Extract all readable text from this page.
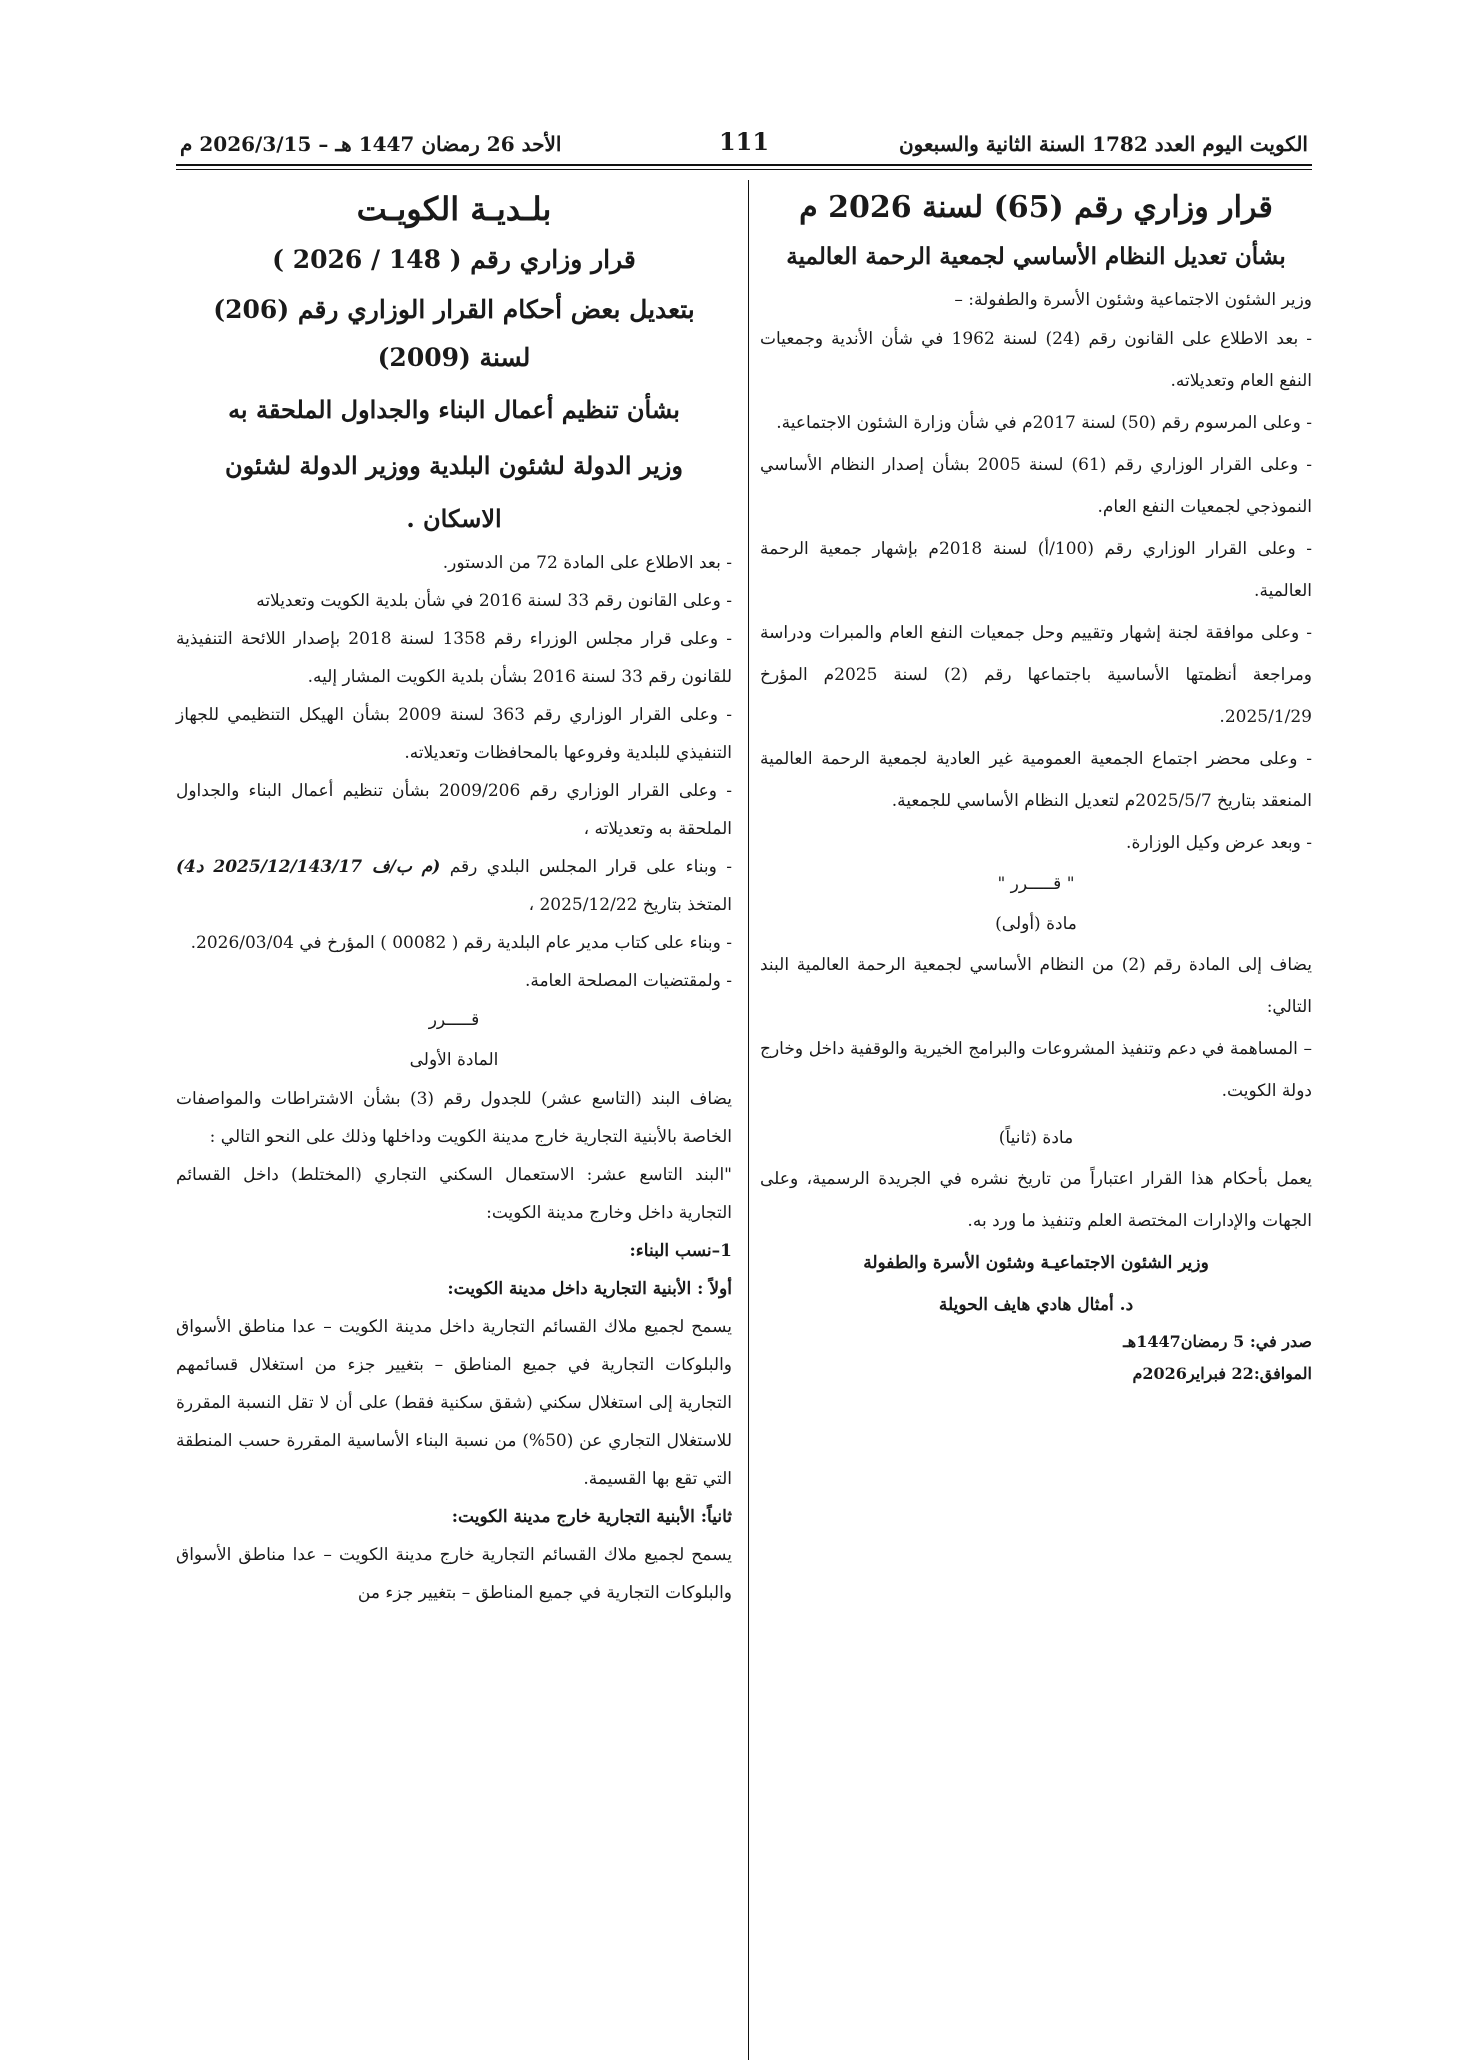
الكويت اليوم العدد 1782 السنة الثانية والسبعون
111
الأحد 26 رمضان 1447 هـ – 2026/3/15 م
قرار وزاري رقم (65) لسنة 2026 م
بشأن تعديل النظام الأساسي لجمعية الرحمة العالمية

وزير الشئون الاجتماعية وشئون الأسرة والطفولة: –

- بعد الاطلاع على القانون رقم (24) لسنة 1962 في شأن الأندية وجمعيات النفع العام وتعديلاته.

- وعلى المرسوم رقم (50) لسنة 2017م في شأن وزارة الشئون الاجتماعية.

- وعلى القرار الوزاري رقم (61) لسنة 2005 بشأن إصدار النظام الأساسي النموذجي لجمعيات النفع العام.

- وعلى القرار الوزاري رقم (100/أ) لسنة 2018م بإشهار جمعية الرحمة العالمية.

- وعلى موافقة لجنة إشهار وتقييم وحل جمعيات النفع العام والمبرات ودراسة ومراجعة أنظمتها الأساسية باجتماعها رقم (2) لسنة 2025م المؤرخ 2025/1/29.

- وعلى محضر اجتماع الجمعية العمومية غير العادية لجمعية الرحمة العالمية المنعقد بتاريخ 2025/5/7م لتعديل النظام الأساسي للجمعية.

- وبعد عرض وكيل الوزارة.

" قـــــرر "
مادة (أولى)

يضاف إلى المادة رقم (2) من النظام الأساسي لجمعية الرحمة العالمية البند التالي:

– المساهمة في دعم وتنفيذ المشروعات والبرامج الخيرية والوقفية داخل وخارج دولة الكويت.

مادة (ثانياً)

يعمل بأحكام هذا القرار اعتباراً من تاريخ نشره في الجريدة الرسمية، وعلى الجهات والإدارات المختصة العلم وتنفيذ ما ورد به.

وزير الشئون الاجتماعيـة وشئون الأسرة والطفولة
د. أمثال هادي هايف الحويلة
صدر في: 5 رمضان1447هـ
الموافق:22 فبراير2026م
بلـديـة الكويـت
قرار وزاري رقم ( 148 / 2026 )
بتعديل بعض أحكام القرار الوزاري رقم (206)
لسنة (2009)
بشأن تنظيم أعمال البناء والجداول الملحقة به
وزير الدولة لشئون البلدية ووزير الدولة لشئون
الاسكان .

- بعد الاطلاع على المادة 72 من الدستور.

- وعلى القانون رقم 33 لسنة 2016 في شأن بلدية الكويت وتعديلاته

- وعلى قرار مجلس الوزراء رقم 1358 لسنة 2018 بإصدار اللائحة التنفيذية للقانون رقم 33 لسنة 2016 بشأن بلدية الكويت المشار إليه.

- وعلى القرار الوزاري رقم 363 لسنة 2009 بشأن الهيكل التنظيمي للجهاز التنفيذي للبلدية وفروعها بالمحافظات وتعديلاته.

- وعلى القرار الوزاري رقم 2009/206 بشأن تنظيم أعمال البناء والجداول الملحقة به وتعديلاته ،

- وبناء على قرار المجلس البلدي رقم (م ب/ف 2025/12/143/17 د4) المتخذ بتاريخ 2025/12/22 ،

- وبناء على كتاب مدير عام البلدية رقم ( 00082 ) المؤرخ في 2026/03/04.

- ولمقتضيات المصلحة العامة.

قـــــرر
المادة الأولى

يضاف البند (التاسع عشر) للجدول رقم (3) بشأن الاشتراطات والمواصفات الخاصة بالأبنية التجارية خارج مدينة الكويت وداخلها وذلك على النحو التالي :

"البند التاسع عشر: الاستعمال السكني التجاري (المختلط) داخل القسائم التجارية داخل وخارج مدينة الكويت:

1–نسب البناء:

أولاً : الأبنية التجارية داخل مدينة الكويت:

يسمح لجميع ملاك القسائم التجارية داخل مدينة الكويت – عدا مناطق الأسواق والبلوكات التجارية في جميع المناطق – بتغيير جزء من استغلال قسائمهم التجارية إلى استغلال سكني (شقق سكنية فقط) على أن لا تقل النسبة المقررة للاستغلال التجاري عن (50%) من نسبة البناء الأساسية المقررة حسب المنطقة التي تقع بها القسيمة.

ثانياً: الأبنية التجارية خارج مدينة الكويت:

يسمح لجميع ملاك القسائم التجارية خارج مدينة الكويت – عدا مناطق الأسواق والبلوكات التجارية في جميع المناطق – بتغيير جزء من
